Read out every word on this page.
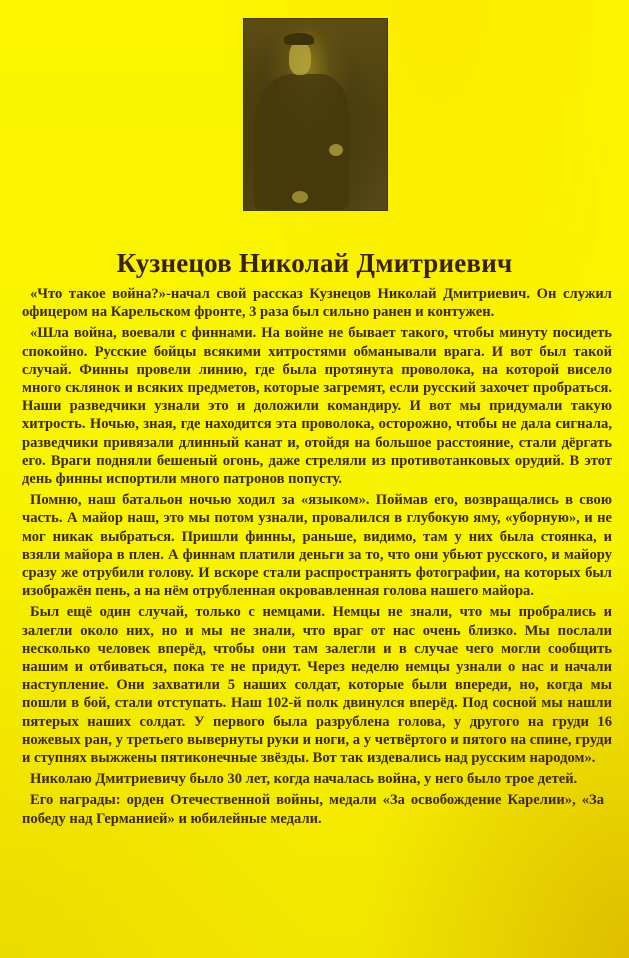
Кузнецов Николай Дмитриевич

«Что такое война?»-начал свой рассказ Кузнецов Николай Дмитриевич. Он служил офицером на Карельском фронте, 3 раза был сильно ранен и контужен.

«Шла война, воевали с финнами. На войне не бывает такого, чтобы минуту посидеть спокойно. Русские бойцы всякими хитростями обманывали врага. И вот был такой случай. Финны провели линию, где была протянута проволока, на которой висело много склянок и всяких предметов, которые загремят, если русский захочет пробраться. Наши разведчики узнали это и доложили командиру. И вот мы придумали такую хитрость. Ночью, зная, где находится эта проволока, осторожно, чтобы не дала сигнала, разведчики привязали длинный канат и, отойдя на большое расстояние, стали дёргать его. Враги подняли бешеный огонь, даже стреляли из противотанковых орудий. В этот день финны испортили много патронов попусту.

Помню, наш батальон ночью ходил за «языком». Поймав его, возвращались в свою часть. А майор наш, это мы потом узнали, провалился в глубокую яму, «уборную», и не мог никак выбраться. Пришли финны, раньше, видимо, там у них была стоянка, и взяли майора в плен. А финнам платили деньги за то, что они убьют русского, и майору сразу же отрубили голову. И вскоре стали распространять фотографии, на которых был изображён пень, а на нём отрубленная окровавленная голова нашего майора.

Был ещё один случай, только с немцами. Немцы не знали, что мы пробрались и залегли около них, но и мы не знали, что враг от нас очень близко. Мы послали несколько человек вперёд, чтобы они там залегли и в случае чего могли сообщить нашим и отбиваться, пока те не придут. Через неделю немцы узнали о нас и начали наступление. Они захватили 5 наших солдат, которые были впереди, но, когда мы пошли в бой, стали отступать. Наш 102-й полк двинулся вперёд. Под сосной мы нашли пятерых наших солдат. У первого была разрублена голова, у другого на груди 16 ножевых ран, у третьего вывернуты руки и ноги, а у четвёртого и пятого на спине, груди и ступнях выжжены пятиконечные звёзды. Вот так издевались над русским народом».

Николаю Дмитриевичу было 30 лет, когда началась война, у него было трое детей.

Его награды: орден Отечественной войны, медали «За освобождение Карелии», «За победу над Германией» и юбилейные медали.
